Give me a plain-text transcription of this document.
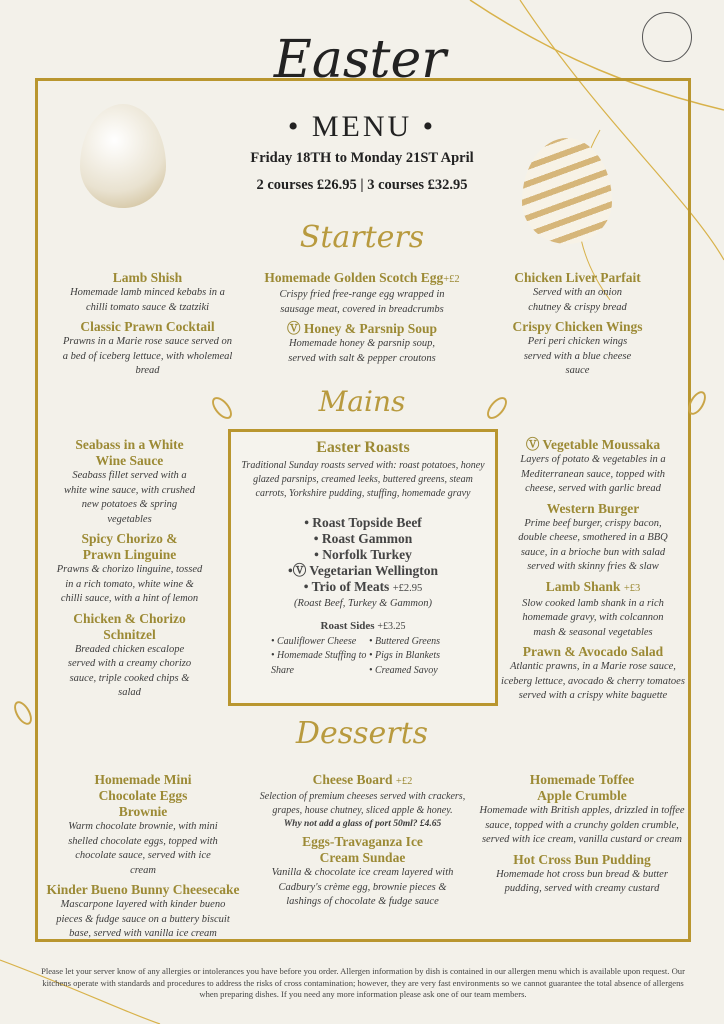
Easter
• MENU •
Friday 18TH to Monday 21ST April
2 courses £26.95 | 3 courses £32.95
Starters
Mains
Desserts
Lamb Shish
Homemade lamb minced kebabs in a chilli tomato sauce & tzatziki
Classic Prawn Cocktail
Prawns in a Marie rose sauce served on a bed of iceberg lettuce, with wholemeal bread
Homemade Golden Scotch Egg+£2
Crispy fried free-range egg wrapped in sausage meat, covered in breadcrumbs
Ⓥ Honey & Parsnip Soup
Homemade honey & parsnip soup, served with salt & pepper croutons
Chicken Liver Parfait
Served with an onion chutney & crispy bread
Crispy Chicken Wings
Peri peri chicken wings served with a blue cheese sauce
Seabass in a White Wine Sauce
Seabass fillet served with a white wine sauce, with crushed new potatoes & spring vegetables
Spicy Chorizo & Prawn Linguine
Prawns & chorizo linguine, tossed in a rich tomato, white wine & chilli sauce, with a hint of lemon
Chicken & Chorizo Schnitzel
Breaded chicken escalope served with a creamy chorizo sauce, triple cooked chips & salad
Easter Roasts
Traditional Sunday roasts served with: roast potatoes, honey glazed parsnips, creamed leeks, buttered greens, steam carrots, Yorkshire pudding, stuffing, homemade gravy
• Roast Topside Beef
• Roast Gammon
• Norfolk Turkey
•Ⓥ Vegetarian Wellington
• Trio of Meats +£2.95
(Roast Beef, Turkey & Gammon)
Roast Sides +£3.25
• Cauliflower Cheese	• Buttered Greens
• Homemade Stuffing to Share
• Pigs in Blankets
• Creamed Savoy
Ⓥ Vegetable Moussaka
Layers of potato & vegetables in a Mediterranean sauce, topped with cheese, served with garlic bread
Western Burger
Prime beef burger, crispy bacon, double cheese, smothered in a BBQ sauce, in a brioche bun with salad served with skinny fries & slaw
Lamb Shank +£3
Slow cooked lamb shank in a rich homemade gravy, with colcannon mash & seasonal vegetables
Prawn & Avocado Salad
Atlantic prawns, in a Marie rose sauce, iceberg lettuce, avocado & cherry tomatoes served with a crispy white baguette
Homemade Mini Chocolate Eggs Brownie
Warm chocolate brownie, with mini shelled chocolate eggs, topped with chocolate sauce, served with ice cream
Kinder Bueno Bunny Cheesecake
Mascarpone layered with kinder bueno pieces & fudge sauce on a buttery biscuit base, served with vanilla ice cream
Cheese Board +£2
Selection of premium cheeses served with crackers, grapes, house chutney, sliced apple & honey.
Why not add a glass of port 50ml? £4.65
Eggs-Travaganza Ice Cream Sundae
Vanilla & chocolate ice cream layered with Cadbury's crème egg, brownie pieces & lashings of chocolate & fudge sauce
Homemade Toffee Apple Crumble
Homemade with British apples, drizzled in toffee sauce, topped with a crunchy golden crumble, served with ice cream, vanilla custard or cream
Hot Cross Bun Pudding
Homemade hot cross bun bread & butter pudding, served with creamy custard
Please let your server know of any allergies or intolerances you have before you order. Allergen information by dish is contained in our allergen menu which is available upon request. Our kitchens operate with standards and procedures to address the risks of cross contamination; however, they are very fast environments so we cannot guarantee the total absence of allergens when preparing dishes. If you need any more information please ask one of our team members.
